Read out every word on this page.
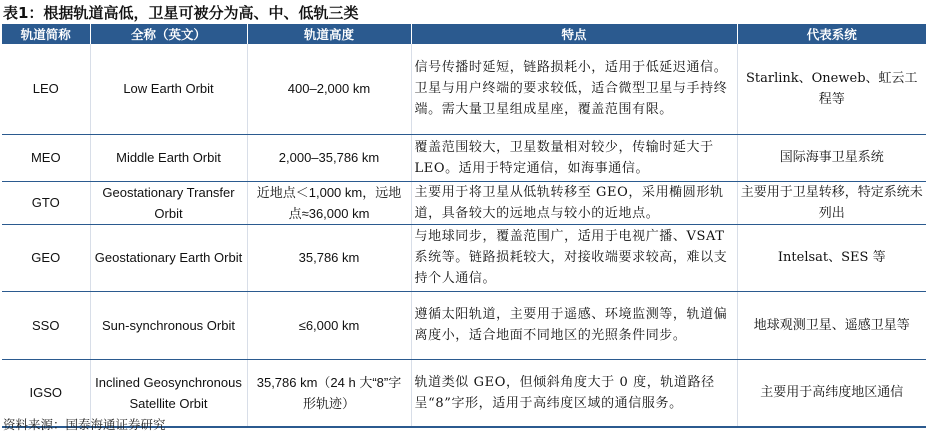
表1：根据轨道高低，卫星可被分为高、中、低轨三类
轨道简称	全称（英文）	轨道高度	特点	代表系统
LEO	Low Earth Orbit	400–2,000 km	信号传播时延短，链路损耗小，适用于低延迟通信。卫星与用户终端的要求较低，适合微型卫星与手持终端。需大量卫星组成星座，覆盖范围有限。	Starlink、Oneweb、虹云工程等
MEO	Middle Earth Orbit	2,000–35,786 km	覆盖范围较大，卫星数量相对较少，传输时延大于 LEO。适用于特定通信，如海事通信。	国际海事卫星系统
GTO	Geostationary Transfer Orbit	近地点＜1,000 km，远地点≈36,000 km	主要用于将卫星从低轨转移至 GEO，采用椭圆形轨道，具备较大的远地点与较小的近地点。	主要用于卫星转移，特定系统未列出
GEO	Geostationary Earth Orbit	35,786 km	与地球同步，覆盖范围广，适用于电视广播、VSAT 系统等。链路损耗较大，对接收端要求较高，难以支持个人通信。	Intelsat、SES 等
SSO	Sun-synchronous Orbit	≤6,000 km	遵循太阳轨道，主要用于遥感、环境监测等，轨道偏离度小，适合地面不同地区的光照条件同步。	地球观测卫星、遥感卫星等
IGSO	Inclined Geosynchronous Satellite Orbit	35,786 km（24 h 大“8”字形轨迹）	轨道类似 GEO，但倾斜角度大于 0 度，轨道路径呈“8”字形，适用于高纬度区域的通信服务。	主要用于高纬度地区通信
资料来源：国泰海通证券研究
